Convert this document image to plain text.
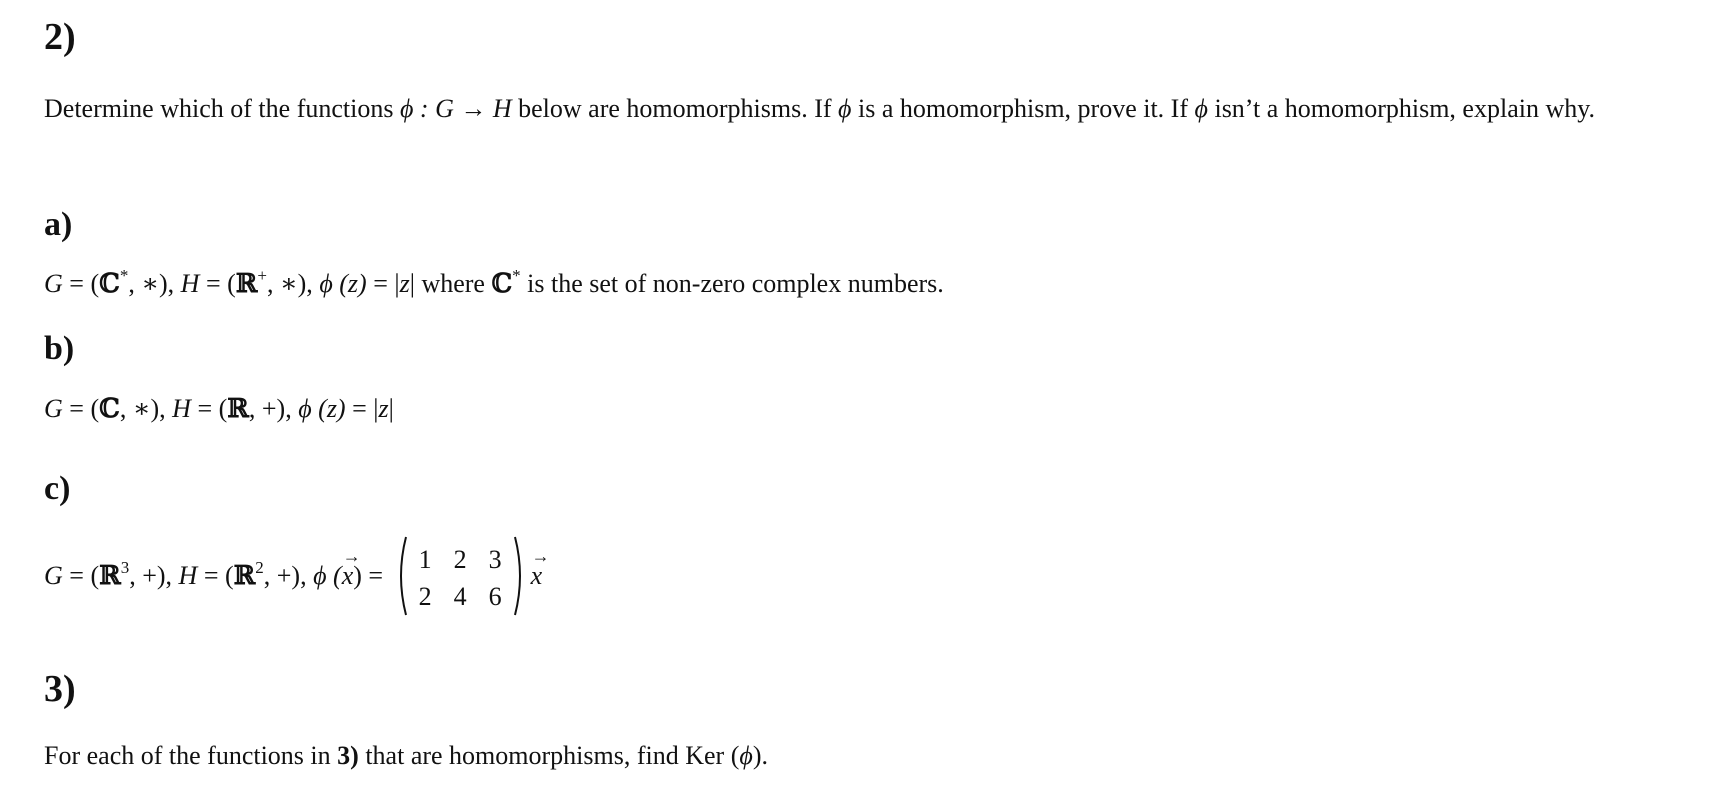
2)
Determine which of the functions ϕ : G → H below are homomorphisms. If ϕ is a homomorphism, prove it. If ϕ isn’t a homomorphism, explain why.
a)
G = (ℂ*, ∗), H = (ℝ+, ∗), ϕ (z) = |z| where ℂ* is the set of non-zero complex numbers.
b)
G = (ℂ, ∗), H = (ℝ, +), ϕ (z) = |z|
c)
G = (ℝ$^3$, +), H = (ℝ$^2$, +), ϕ (→ x) =
1	2	3
2	4	6
→ x
3)
For each of the functions in 3) that are homomorphisms, find Ker (ϕ).
